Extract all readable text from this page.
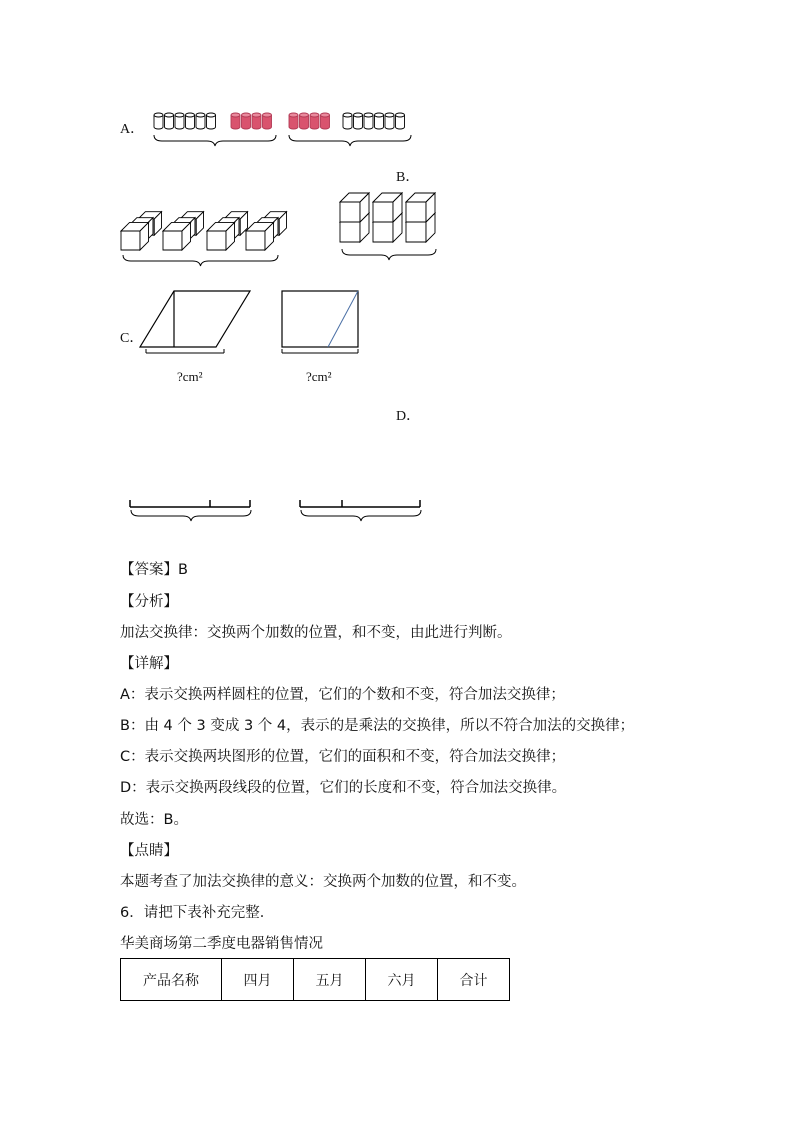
A．
B．
C．
?cm²	?cm²
D．
【答案】B
【分析】
加法交换律：交换两个加数的位置，和不变，由此进行判断。
【详解】
A：表示交换两样圆柱的位置，它们的个数和不变，符合加法交换律；
B：由 4 个 3 变成 3 个 4，表示的是乘法的交换律，所以不符合加法的交换律；
C：表示交换两块图形的位置，它们的面积和不变，符合加法交换律；
D：表示交换两段线段的位置，它们的长度和不变，符合加法交换律。
故选：B。
【点睛】
本题考查了加法交换律的意义：交换两个加数的位置，和不变。
6．请把下表补充完整．
华美商场第二季度电器销售情况
产品名称	四月	五月	六月	合计
